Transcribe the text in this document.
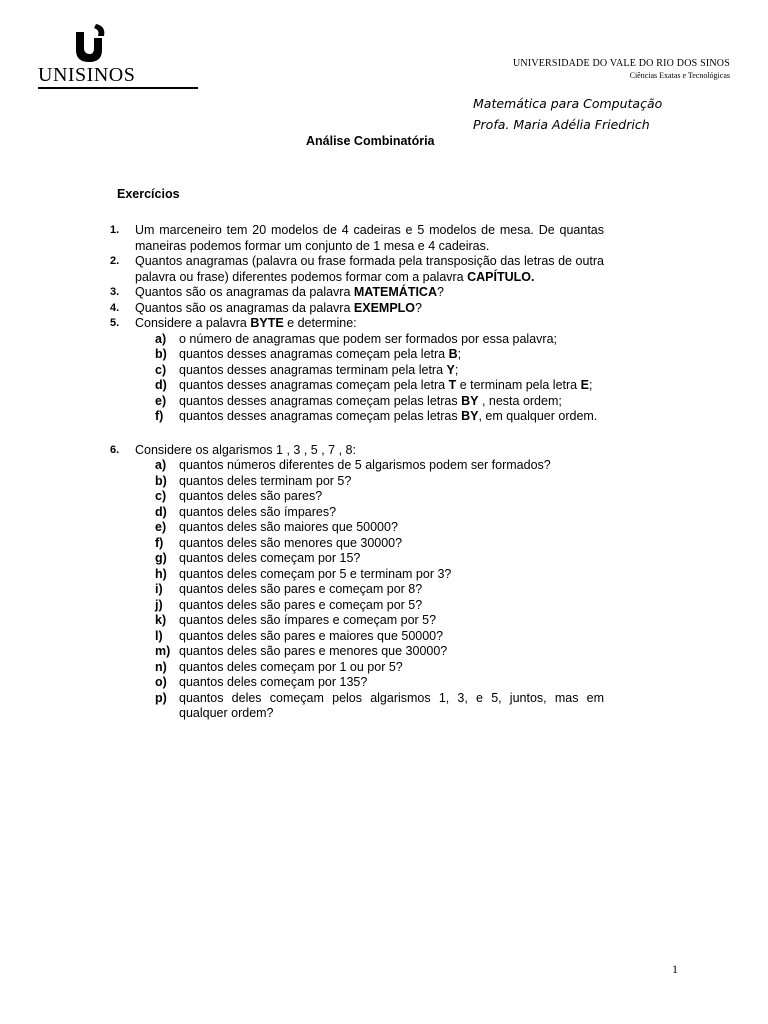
UNISINOS
UNIVERSIDADE DO VALE DO RIO DOS SINOS
Ciências Exatas e Tecnológicas
Matemática para Computação
Profa. Maria Adélia Friedrich
Análise Combinatória
Exercícios
1.	Um marceneiro tem 20 modelos de 4 cadeiras e 5 modelos de mesa. De quantas maneiras podemos formar um conjunto de 1 mesa e 4 cadeiras.
2.	Quantos anagramas (palavra ou frase formada pela transposição das letras de outra palavra ou frase) diferentes podemos formar com a palavra CAPÍTULO.
3.	Quantos são os anagramas da palavra MATEMÁTICA?
4.	Quantos são os anagramas da palavra EXEMPLO?
5.	Considere a palavra BYTE e determine:
a)	o número de anagramas que podem ser formados por essa palavra;
b) quantos desses anagramas começam pela letra B;
c)	quantos desses anagramas terminam pela letra Y;
d) quantos desses anagramas começam pela letra T e terminam pela letra E;
e)	quantos desses anagramas começam pelas letras BY , nesta ordem;
f)	quantos desses anagramas começam pelas letras BY, em qualquer ordem.
6.	Considere os algarismos 1 , 3 , 5 , 7 , 8:
a)	quantos números diferentes de 5 algarismos podem ser formados?
b) quantos deles terminam por 5?
c)	quantos deles são pares?
d) quantos deles são ímpares?
e)	quantos deles são maiores que 50000?
f)	quantos deles são menores que 30000?
g) quantos deles começam por 15?
h) quantos deles começam por 5 e terminam por 3?
i)	quantos deles são pares e começam por 8?
j)	quantos deles são pares e começam por 5?
k)	quantos deles são ímpares e começam por 5?
l)	quantos deles são pares e maiores que 50000?
m) quantos deles são pares e menores que 30000?
n) quantos deles começam por 1 ou por 5?
o) quantos deles começam por 135?
p) quantos deles começam pelos algarismos 1, 3, e 5, juntos, mas em qualquer ordem?
1
